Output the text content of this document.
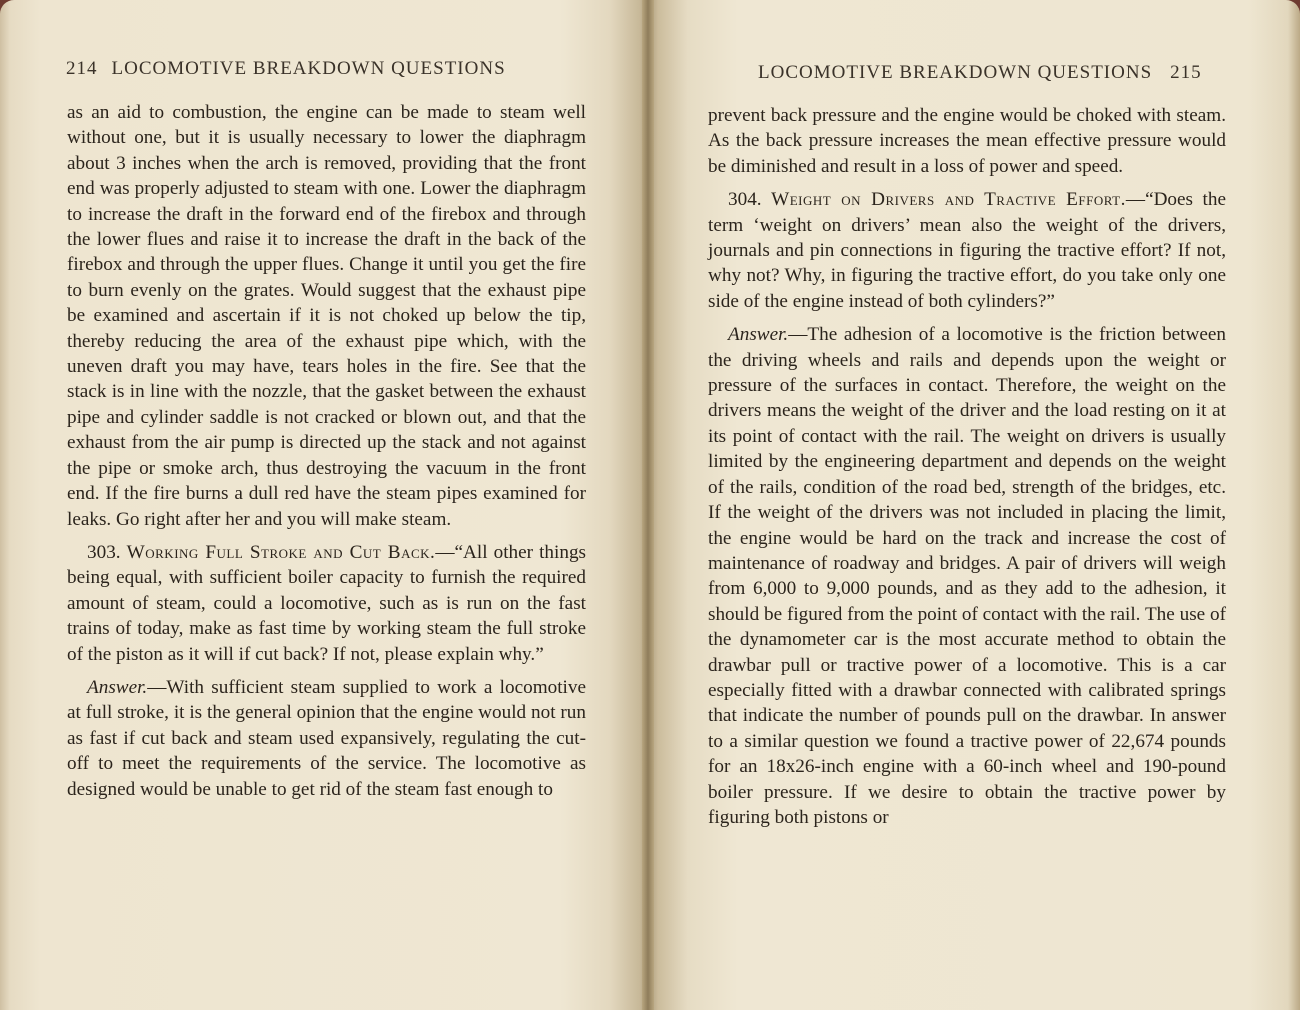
214 LOCOMOTIVE BREAKDOWN QUESTIONS

as an aid to combustion, the engine can be made to steam well without one, but it is usually necessary to lower the diaphragm about 3 inches when the arch is removed, providing that the front end was properly adjusted to steam with one. Lower the diaphragm to increase the draft in the forward end of the firebox and through the lower flues and raise it to increase the draft in the back of the firebox and through the upper flues. Change it until you get the fire to burn evenly on the grates. Would suggest that the exhaust pipe be examined and ascertain if it is not choked up below the tip, thereby reducing the area of the exhaust pipe which, with the uneven draft you may have, tears holes in the fire. See that the stack is in line with the nozzle, that the gasket between the exhaust pipe and cylinder saddle is not cracked or blown out, and that the exhaust from the air pump is directed up the stack and not against the pipe or smoke arch, thus destroying the vacuum in the front end. If the fire burns a dull red have the steam pipes examined for leaks. Go right after her and you will make steam.

303. Working Full Stroke and Cut Back.—“All other things being equal, with sufficient boiler capacity to furnish the required amount of steam, could a locomotive, such as is run on the fast trains of today, make as fast time by working steam the full stroke of the piston as it will if cut back? If not, please explain why.”

Answer.—With sufficient steam supplied to work a locomotive at full stroke, it is the general opinion that the engine would not run as fast if cut back and steam used expansively, regulating the cut-off to meet the requirements of the service. The locomotive as designed would be unable to get rid of the steam fast enough to

prevent back pressure and the engine would be choked with steam. As the back pressure increases the mean effective pressure would be diminished and result in a loss of power and speed.

304. Weight on Drivers and Tractive Effort.—“Does the term ‘weight on drivers’ mean also the weight of the drivers, journals and pin connections in figuring the tractive effort? If not, why not? Why, in figuring the tractive effort, do you take only one side of the engine instead of both cylinders?”

Answer.—The adhesion of a locomotive is the friction between the driving wheels and rails and depends upon the weight or pressure of the surfaces in contact. Therefore, the weight on the drivers means the weight of the driver and the load resting on it at its point of contact with the rail. The weight on drivers is usually limited by the engineering department and depends on the weight of the rails, condition of the road bed, strength of the bridges, etc. If the weight of the drivers was not included in placing the limit, the engine would be hard on the track and increase the cost of maintenance of roadway and bridges. A pair of drivers will weigh from 6,000 to 9,000 pounds, and as they add to the adhesion, it should be figured from the point of contact with the rail. The use of the dynamometer car is the most accurate method to obtain the drawbar pull or tractive power of a locomotive. This is a car especially fitted with a drawbar connected with calibrated springs that indicate the number of pounds pull on the drawbar. In answer to a similar question we found a tractive power of 22,674 pounds for an 18x26-inch engine with a 60-inch wheel and 190-pound boiler pressure. If we desire to obtain the tractive power by figuring both pistons or

LOCOMOTIVE BREAKDOWN QUESTIONS 215
